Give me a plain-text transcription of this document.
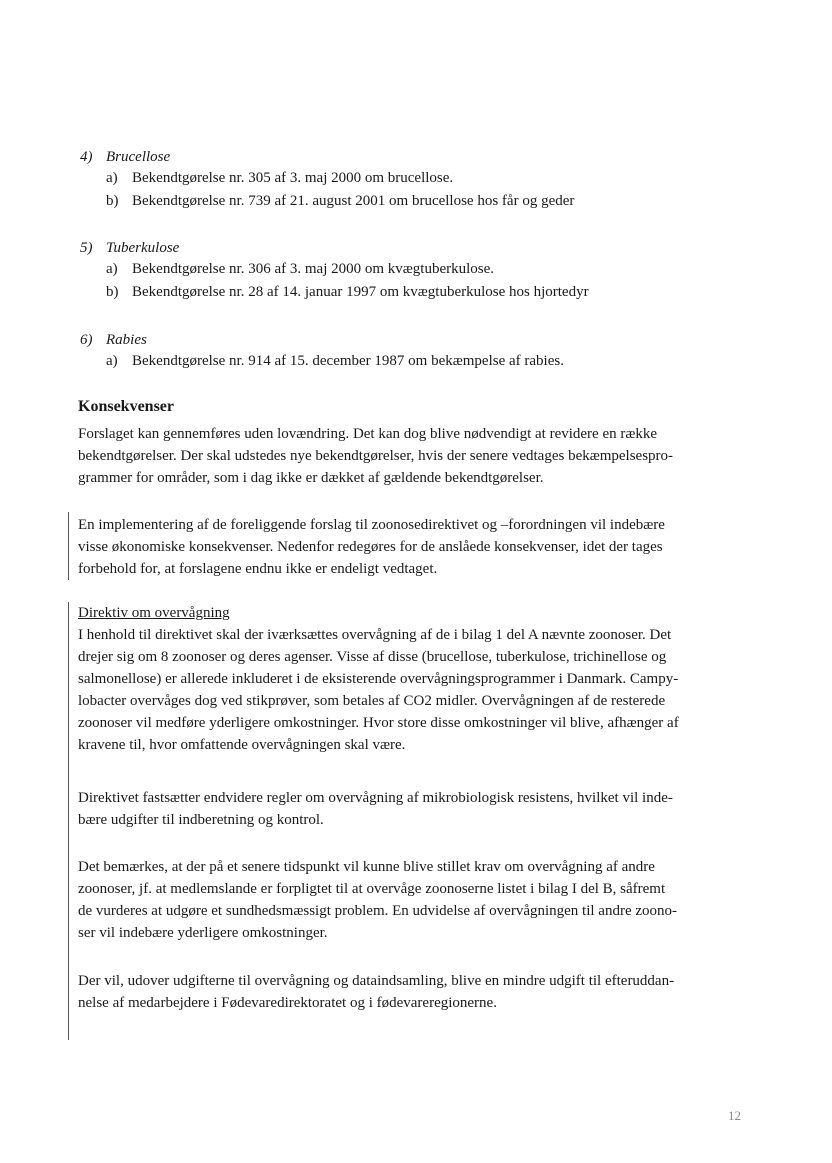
4) Brucellose
a) Bekendtgørelse nr. 305 af 3. maj 2000 om brucellose.
b) Bekendtgørelse nr. 739 af 21. august 2001 om brucellose hos får og geder
5) Tuberkulose
a) Bekendtgørelse nr. 306 af 3. maj 2000 om kvægtuberkulose.
b) Bekendtgørelse nr. 28 af 14. januar 1997 om kvægtuberkulose hos hjortedyr
6) Rabies
a) Bekendtgørelse nr. 914 af 15. december 1987 om bekæmpelse af rabies.
Konsekvenser
Forslaget kan gennemføres uden lovændring. Det kan dog blive nødvendigt at revidere en række
bekendtgørelser. Der skal udstedes nye bekendtgørelser, hvis der senere vedtages bekæmpelsespro-
grammer for områder, som i dag ikke er dækket af gældende bekendtgørelser.
En implementering af de foreliggende forslag til zoonosedirektivet og –forordningen vil indebære
visse økonomiske konsekvenser. Nedenfor redegøres for de anslåede konsekvenser, idet der tages
forbehold for, at forslagene endnu ikke er endeligt vedtaget.
Direktiv om overvågning
I henhold til direktivet skal der iværksættes overvågning af de i bilag 1 del A nævnte zoonoser. Det
drejer sig om 8 zoonoser og deres agenser. Visse af disse (brucellose, tuberkulose, trichinellose og
salmonellose) er allerede inkluderet i de eksisterende overvågningsprogrammer i Danmark. Campy-
lobacter overvåges dog ved stikprøver, som betales af CO2 midler. Overvågningen af de resterede
zoonoser vil medføre yderligere omkostninger. Hvor store disse omkostninger vil blive, afhænger af
kravene til, hvor omfattende overvågningen skal være.
Direktivet fastsætter endvidere regler om overvågning af mikrobiologisk resistens, hvilket vil inde-
bære udgifter til indberetning og kontrol.
Det bemærkes, at der på et senere tidspunkt vil kunne blive stillet krav om overvågning af andre
zoonoser, jf. at medlemslande er forpligtet til at overvåge zoonoserne listet i bilag I del B, såfremt
de vurderes at udgøre et sundhedsmæssigt problem. En udvidelse af overvågningen til andre zoono-
ser vil indebære yderligere omkostninger.
Der vil, udover udgifterne til overvågning og dataindsamling, blive en mindre udgift til efteruddan-
nelse af medarbejdere i Fødevaredirektoratet og i fødevareregionerne.
12
